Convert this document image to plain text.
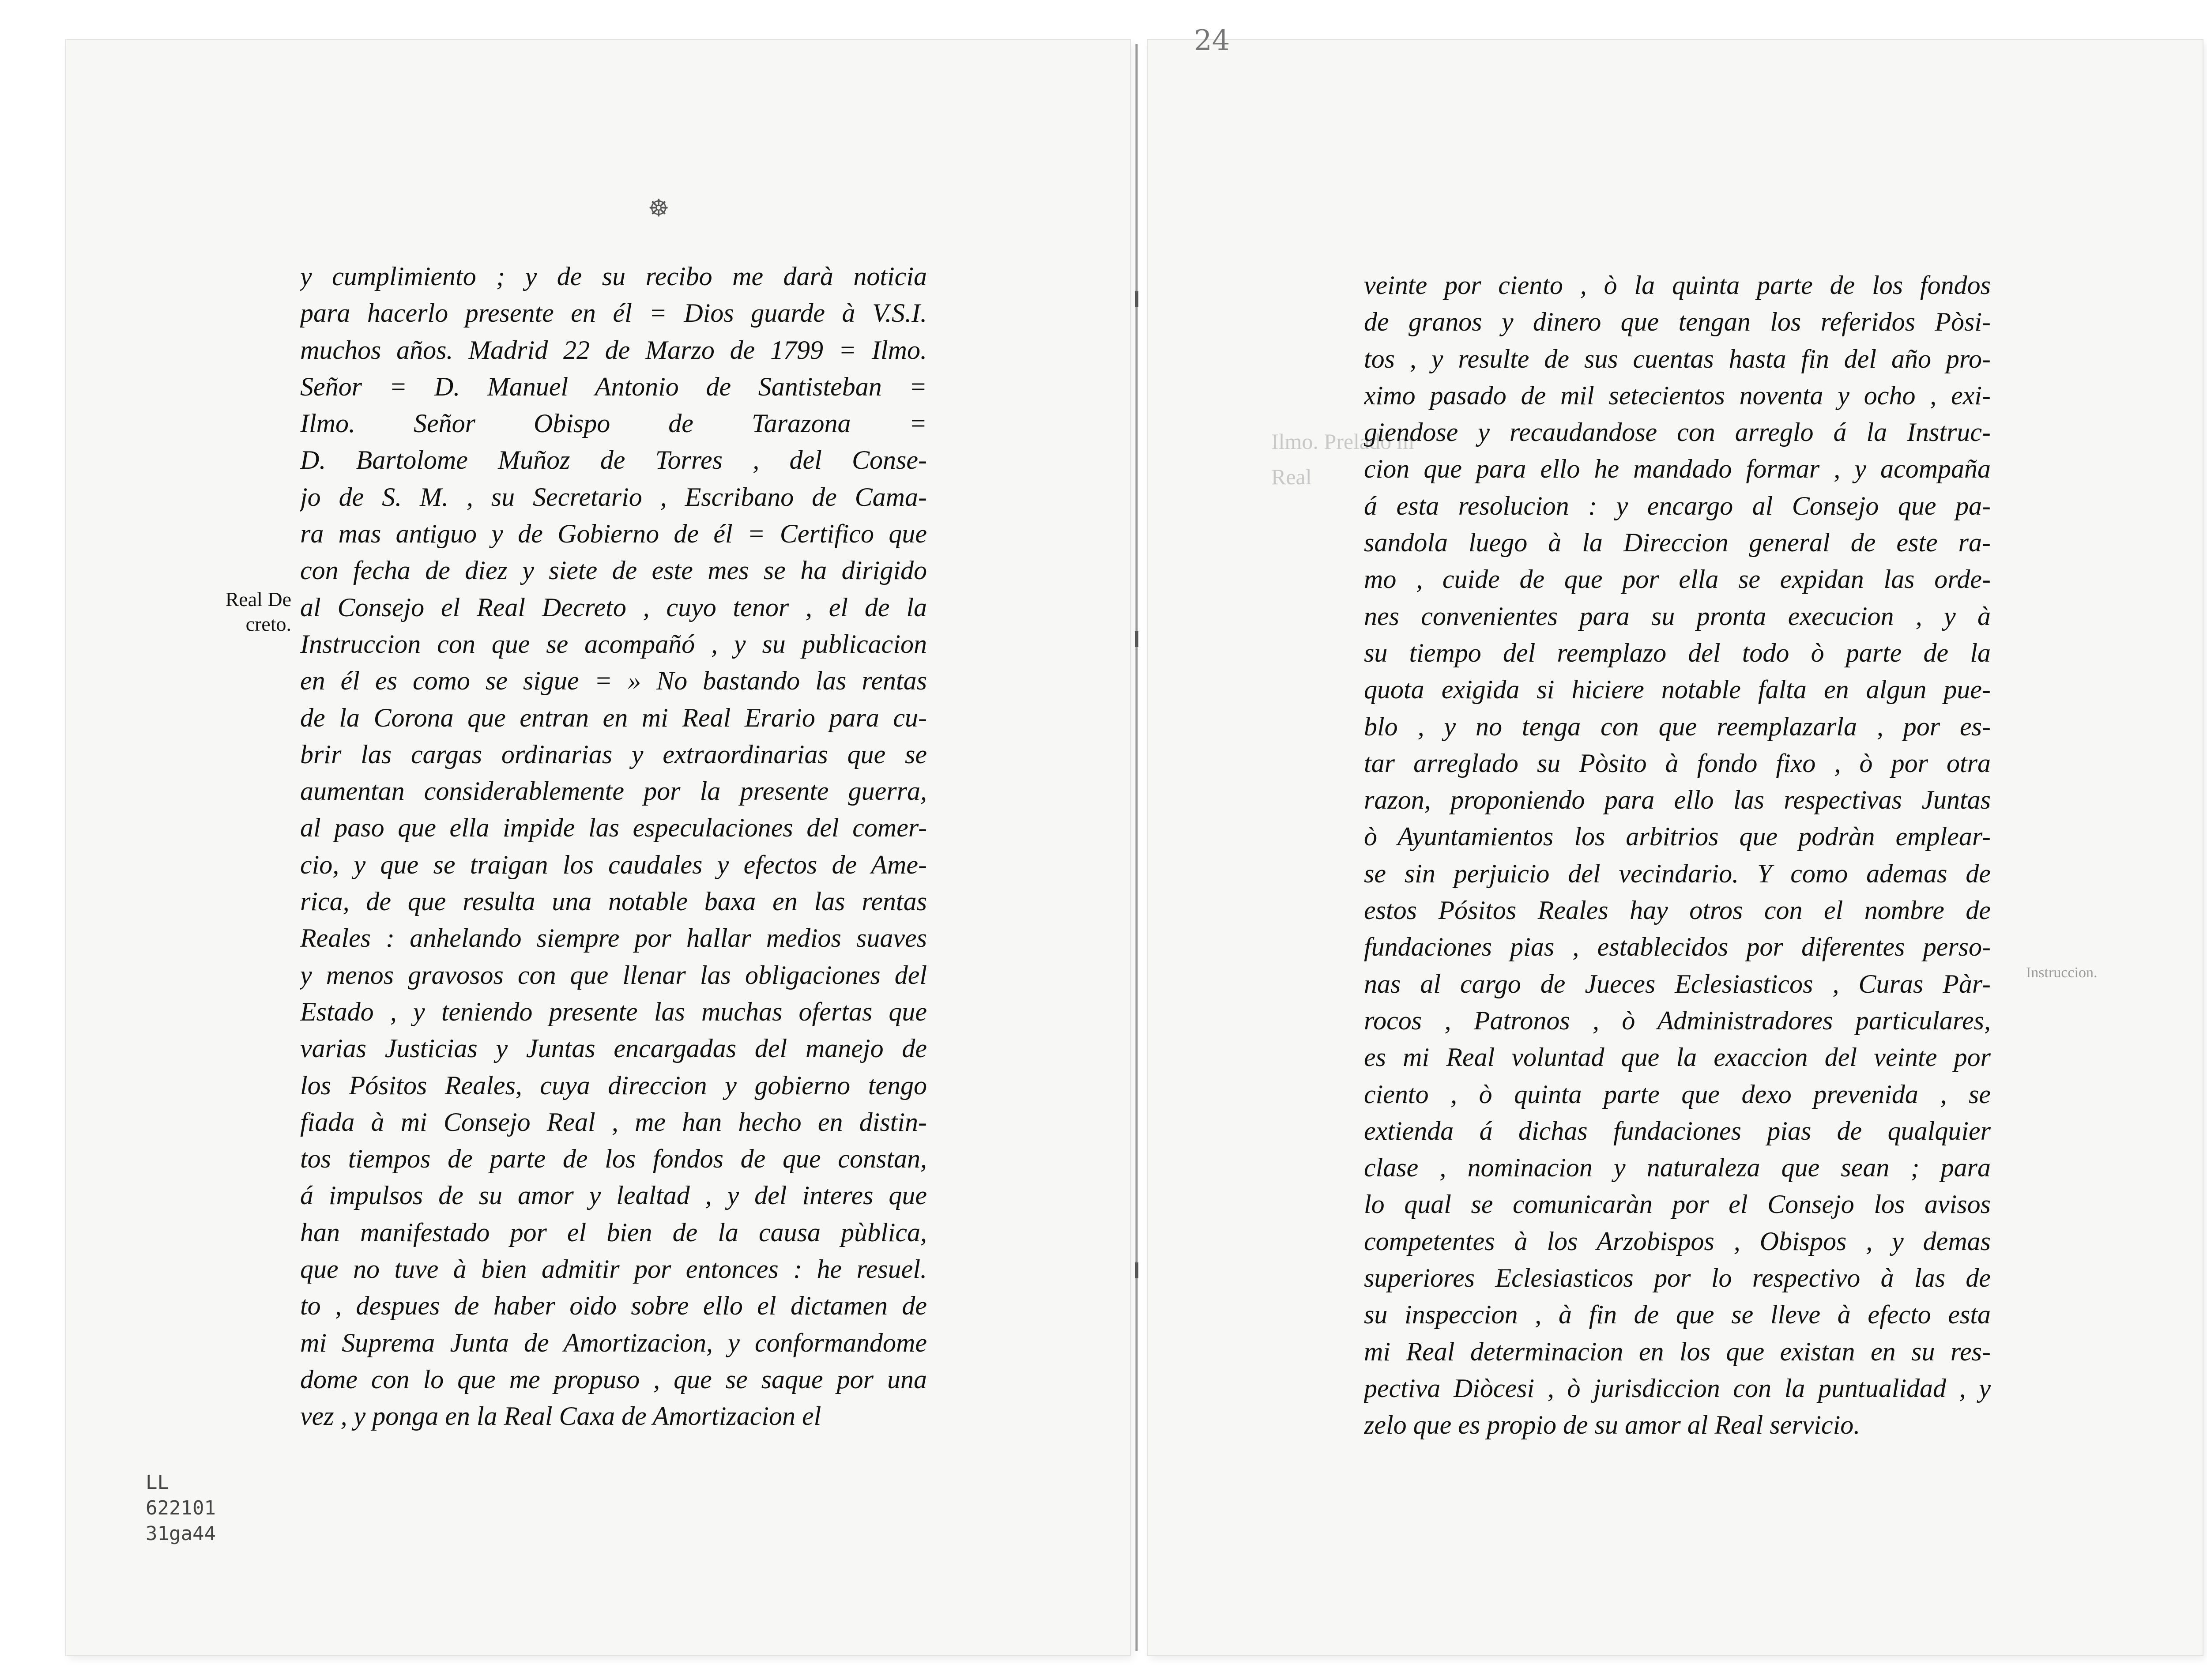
☸
Real De
creto.
y cumplimiento ; y de su recibo me darà noticia
para hacerlo presente en él = Dios guarde à V.S.I.
muchos años. Madrid 22 de Marzo de 1799 = Ilmo.
Señor = D. Manuel Antonio de Santisteban =
Ilmo. Señor Obispo de Tarazona =
D. Bartolome Muñoz de Torres , del Conse-
jo de S. M. , su Secretario , Escribano de Cama-
ra mas antiguo y de Gobierno de él = Certifico que
con fecha de diez y siete de este mes se ha dirigido
al Consejo el Real Decreto , cuyo tenor , el de la
Instruccion con que se acompañó , y su publicacion
en él es como se sigue = » No bastando las rentas
de la Corona que entran en mi Real Erario para cu-
brir las cargas ordinarias y extraordinarias que se
aumentan considerablemente por la presente guerra,
al paso que ella impide las especulaciones del comer-
cio, y que se traigan los caudales y efectos de Ame-
rica, de que resulta una notable baxa en las rentas
Reales : anhelando siempre por hallar medios suaves
y menos gravosos con que llenar las obligaciones del
Estado , y teniendo presente las muchas ofertas que
varias Justicias y Juntas encargadas del manejo de
los Pósitos Reales, cuya direccion y gobierno tengo
fiada à mi Consejo Real , me han hecho en distin-
tos tiempos de parte de los fondos de que constan,
á impulsos de su amor y lealtad , y del interes que
han manifestado por el bien de la causa pùblica,
que no tuve à bien admitir por entonces : he resuel.
to , despues de haber oido sobre ello el dictamen de
mi Suprema Junta de Amortizacion, y conformandome
dome con lo que me propuso , que se saque por una
vez , y ponga en la Real Caxa de Amortizacion el
LL
622101
31ga44
24
Ilmo. Prelado m
Real
Instruccion.
veinte por ciento , ò la quinta parte de los fondos
de granos y dinero que tengan los referidos Pòsi-
tos , y resulte de sus cuentas hasta fin del año pro-
ximo pasado de mil setecientos noventa y ocho , exi-
giendose y recaudandose con arreglo á la Instruc-
cion que para ello he mandado formar , y acompaña
á esta resolucion : y encargo al Consejo que pa-
sandola luego à la Direccion general de este ra-
mo , cuide de que por ella se expidan las orde-
nes convenientes para su pronta execucion , y à
su tiempo del reemplazo del todo ò parte de la
quota exigida si hiciere notable falta en algun pue-
blo , y no tenga con que reemplazarla , por es-
tar arreglado su Pòsito à fondo fixo , ò por otra
razon, proponiendo para ello las respectivas Juntas
ò Ayuntamientos los arbitrios que podràn emplear-
se sin perjuicio del vecindario. Y como ademas de
estos Pósitos Reales hay otros con el nombre de
fundaciones pias , establecidos por diferentes perso-
nas al cargo de Jueces Eclesiasticos , Curas Pàr-
rocos , Patronos , ò Administradores particulares,
es mi Real voluntad que la exaccion del veinte por
ciento , ò quinta parte que dexo prevenida , se
extienda á dichas fundaciones pias de qualquier
clase , nominacion y naturaleza que sean ; para
lo qual se comunicaràn por el Consejo los avisos
competentes à los Arzobispos , Obispos , y demas
superiores Eclesiasticos por lo respectivo à las de
su inspeccion , à fin de que se lleve à efecto esta
mi Real determinacion en los que existan en su res-
pectiva Diòcesi , ò jurisdiccion con la puntualidad , y
zelo que es propio de su amor al Real servicio.
